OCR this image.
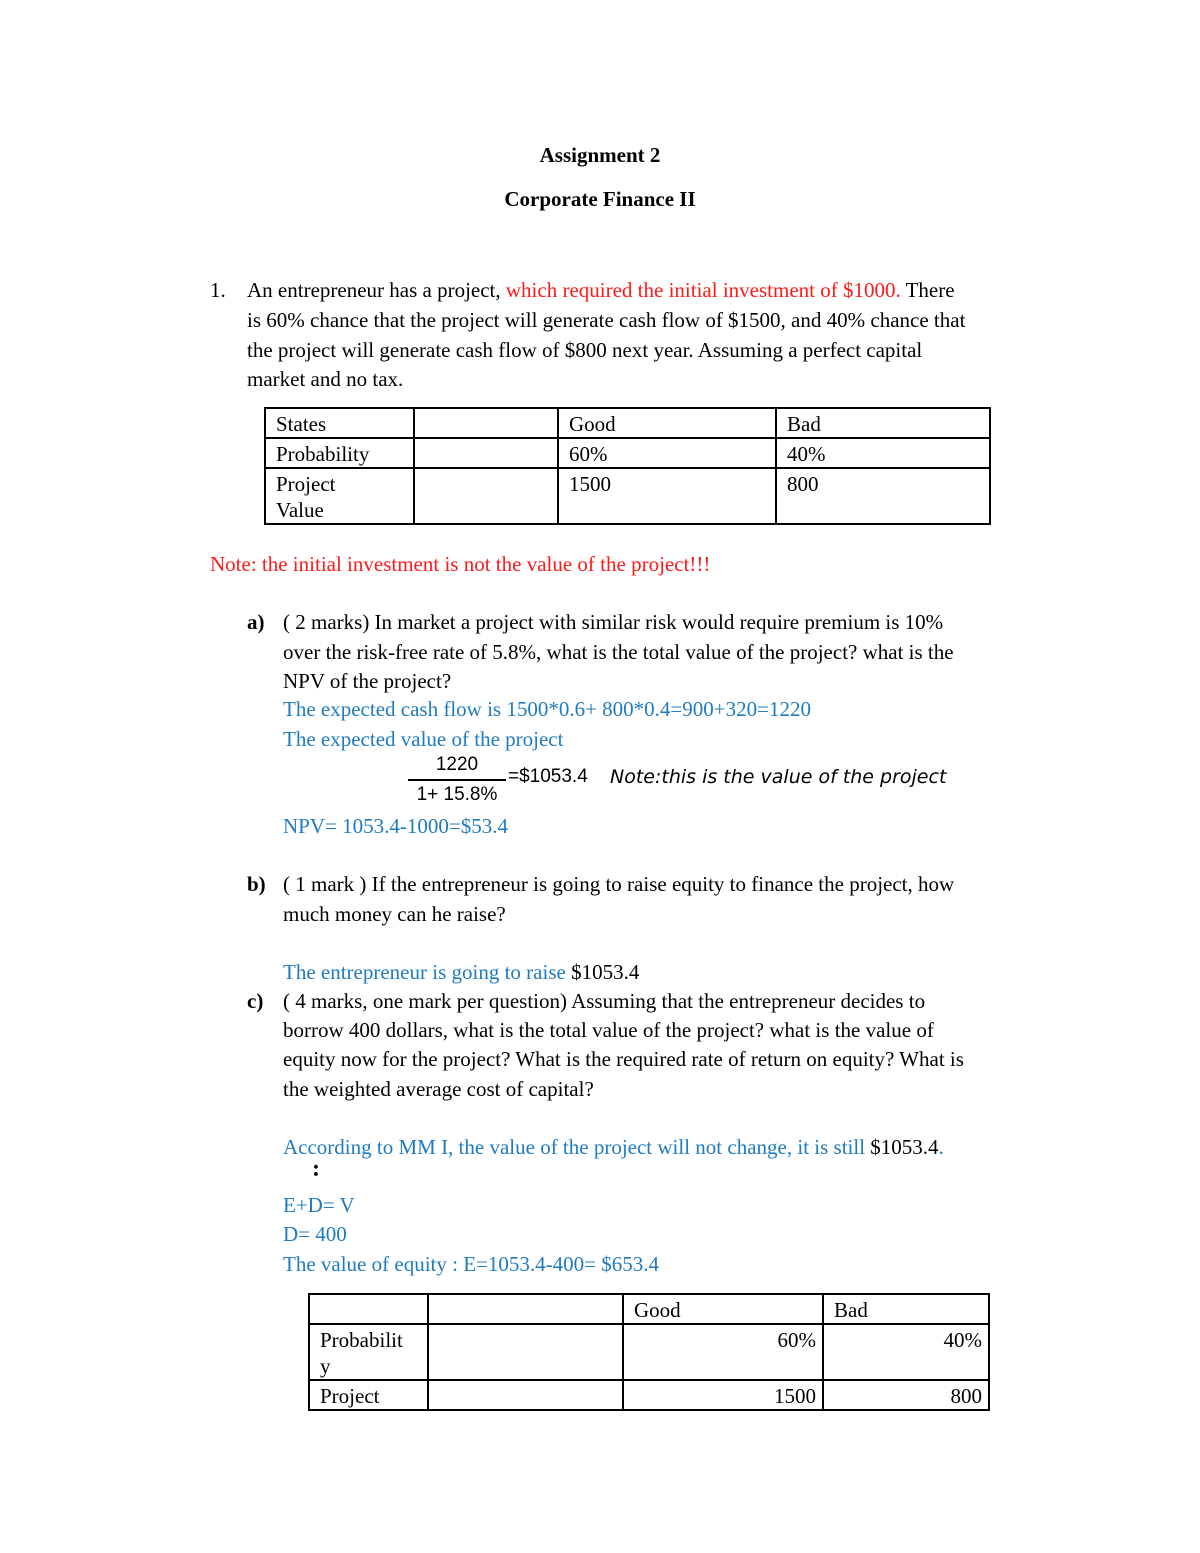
Assignment 2
Corporate Finance II
1. An entrepreneur has a project, which required the initial investment of $1000. There
is 60% chance that the project will generate cash flow of $1500, and 40% chance that
the project will generate cash flow of $800 next year. Assuming a perfect capital
market and no tax.
States		Good	Bad
Probability		60%	40%
Project
Value		1500	800
Note: the initial investment is not the value of the project!!!
a) ( 2 marks) In market a project with similar risk would require premium is 10%
over the risk-free rate of 5.8%, what is the total value of the project? what is the
NPV of the project?
The expected cash flow is 1500*0.6+ 800*0.4=900+320=1220
The expected value of the project
1220
1+ 15.8%
=$1053.4 Note:this is the value of the project
NPV= 1053.4-1000=$53.4
b) ( 1 mark ) If the entrepreneur is going to raise equity to finance the project, how
much money can he raise?
The entrepreneur is going to raise $1053.4
c) ( 4 marks, one mark per question) Assuming that the entrepreneur decides to
borrow 400 dollars, what is the total value of the project? what is the value of
equity now for the project? What is the required rate of return on equity? What is
the weighted average cost of capital?
According to MM I, the value of the project will not change, it is still $1053.4.
:
E+D= V
D= 400
The value of equity : E=1053.4-400= $653.4
		Good	Bad

Probabilit
y		60%	40%
Project		1500	800
